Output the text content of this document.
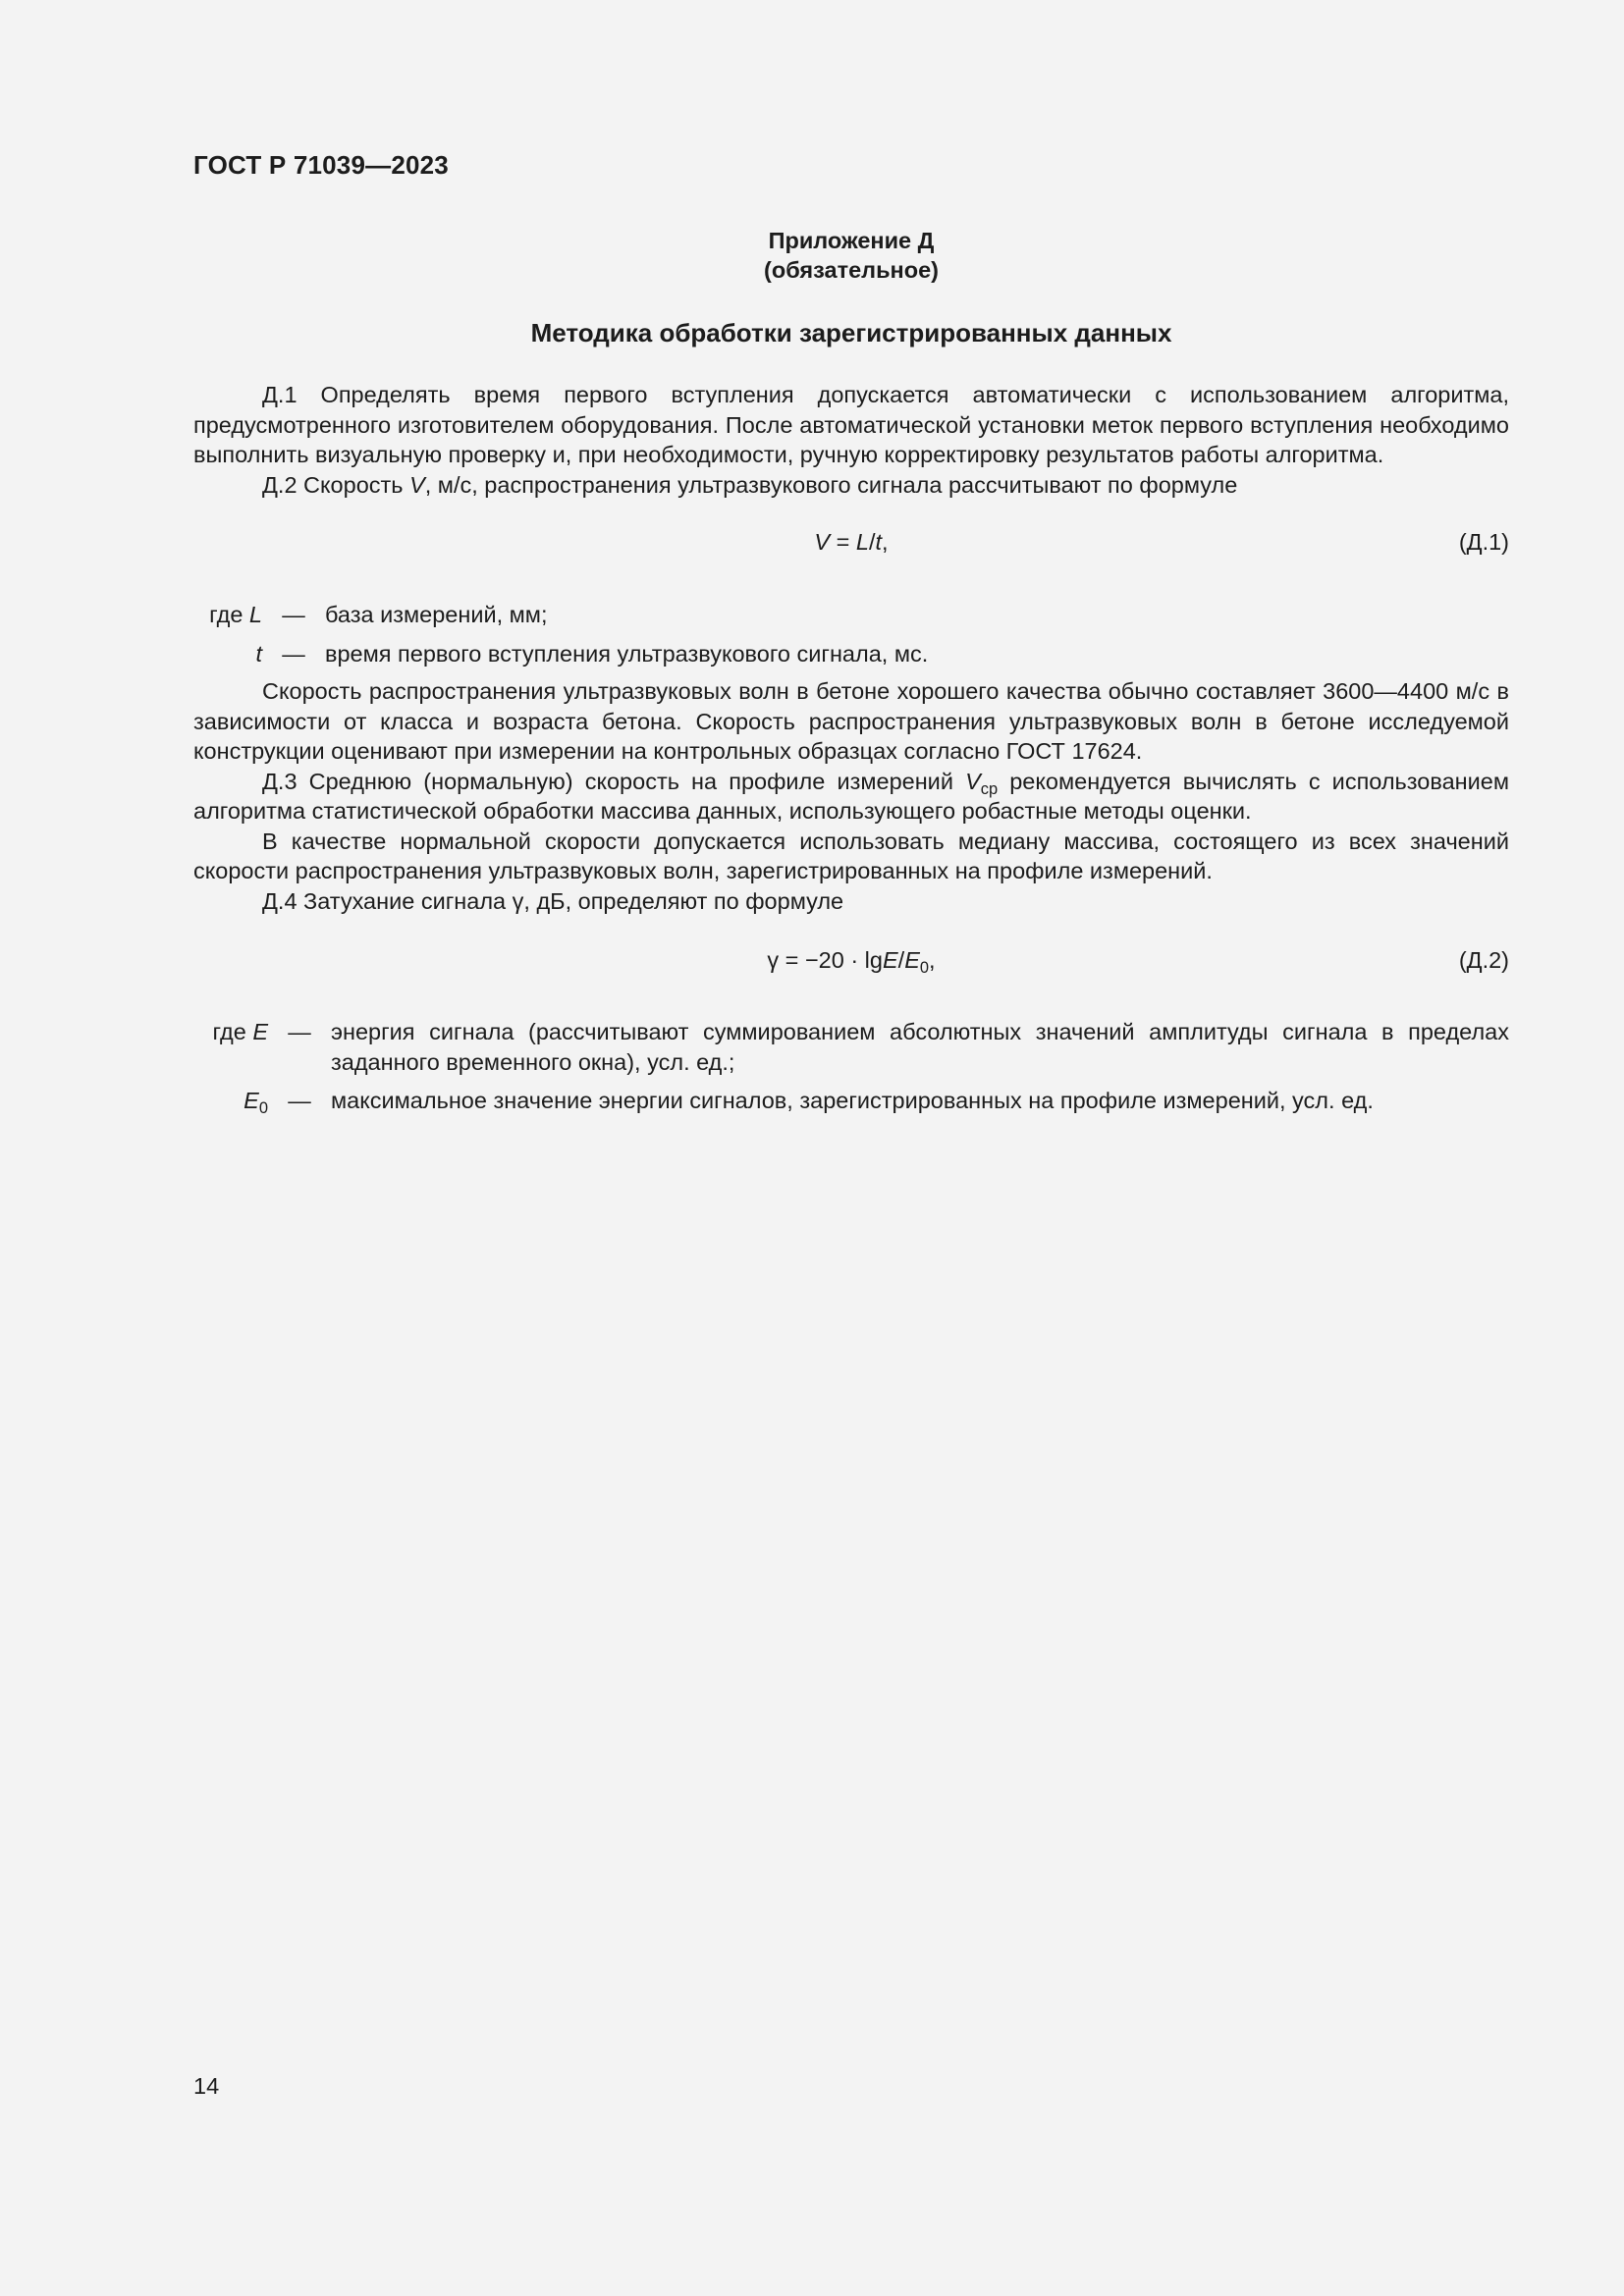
ГОСТ Р 71039—2023
Приложение Д
(обязательное)
Методика обработки зарегистрированных данных

Д.1 Определять время первого вступления допускается автоматически с использованием алгоритма, предусмотренного изготовителем оборудования. После автоматической установки меток первого вступления необходимо выполнить визуальную проверку и, при необходимости, ручную корректировку результатов работы алгоритма.

Д.2 Скорость V, м/с, распространения ультразвукового сигнала рассчитывают по формуле

V = L/t,	(Д.1)
где L — база измерений, мм;
t — время первого вступления ультразвукового сигнала, мс.

Скорость распространения ультразвуковых волн в бетоне хорошего качества обычно составляет 3600—4400 м/с в зависимости от класса и возраста бетона. Скорость распространения ультразвуковых волн в бетоне исследуемой конструкции оценивают при измерении на контрольных образцах согласно ГОСТ 17624.

Д.3 Среднюю (нормальную) скорость на профиле измерений $V_{ср}$ рекомендуется вычислять с использованием алгоритма статистической обработки массива данных, использующего робастные методы оценки.

В качестве нормальной скорости допускается использовать медиану массива, состоящего из всех значений скорости распространения ультразвуковых волн, зарегистрированных на профиле измерений.

Д.4 Затухание сигнала γ, дБ, определяют по формуле

γ = −20 · lgE/$E_0$,	(Д.2)
где E — энергия сигнала (рассчитывают суммированием абсолютных значений амплитуды сигнала в пределах заданного временного окна), усл. ед.;
$E_0$ — максимальное значение энергии сигналов, зарегистрированных на профиле измерений, усл. ед.
14
